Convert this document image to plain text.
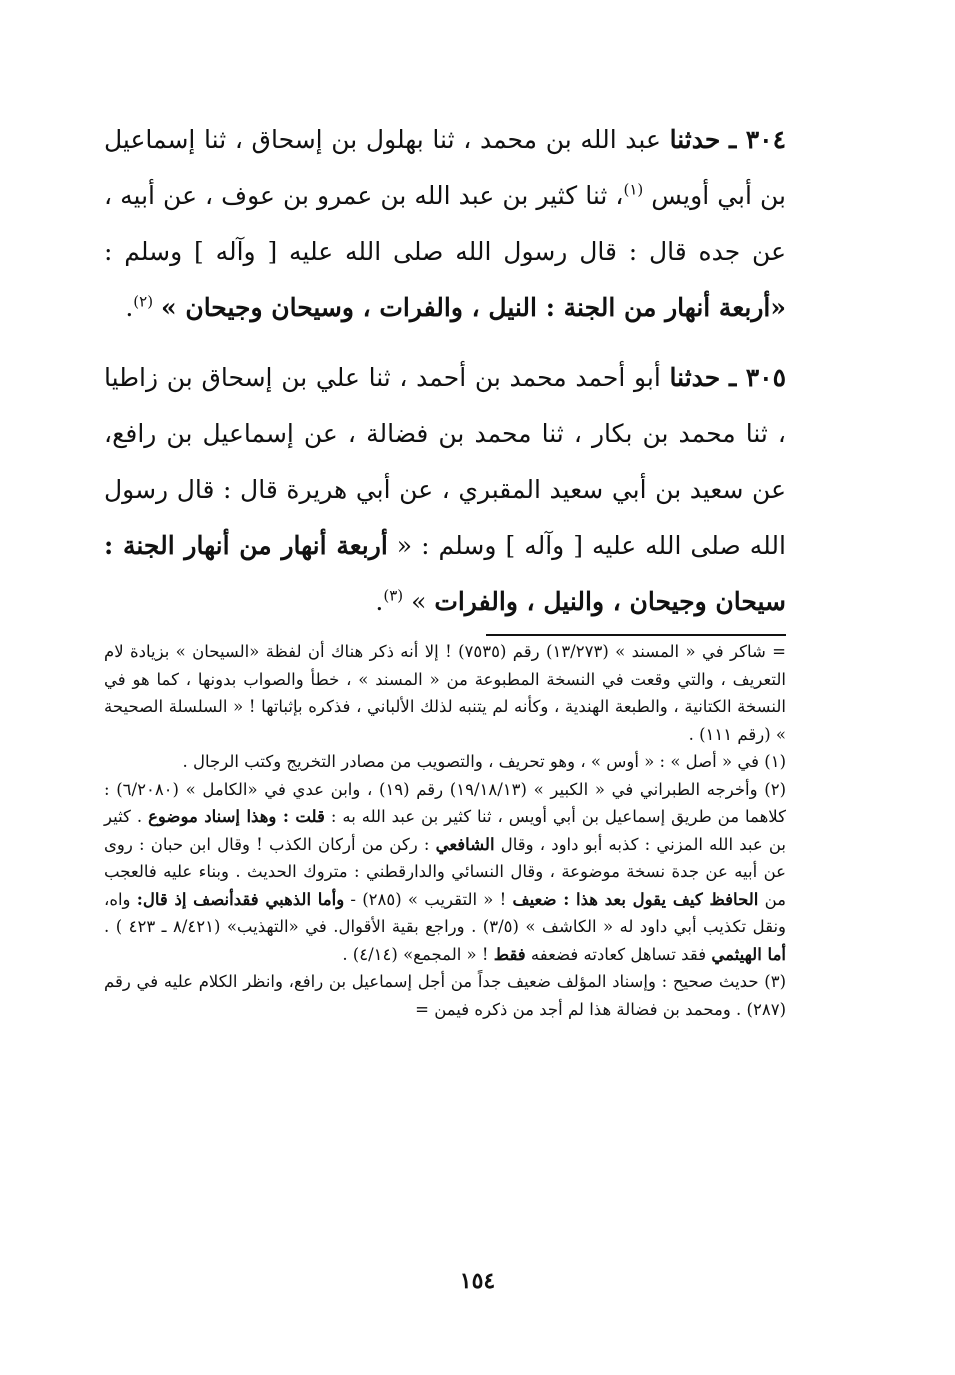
٣٠٤ ـ حدثنا عبد الله بن محمد ، ثنا بهلول بن إسحاق ، ثنا إسماعيل بن أبي أويس $^{(١)}$، ثنا كثير بن عبد الله بن عمرو بن عوف ، عن أبيه ، عن جده قال : قال رسول الله صلى الله عليه [ وآله ] وسلم : «أربعة أنهار من الجنة : النيل ، والفرات ، وسيحان وجيحان » $^{(٢)}$.

٣٠٥ ـ حدثنا أبو أحمد محمد بن أحمد ، ثنا علي بن إسحاق بن زاطيا ، ثنا محمد بن بكار ، ثنا محمد بن فضالة ، عن إسماعيل بن رافع، عن سعيد بن أبي سعيد المقبري ، عن أبي هريرة قال : قال رسول الله صلى الله عليه [ وآله ] وسلم : « أربعة أنهار من أنهار الجنة : سيحان وجيحان ، والنيل ، والفرات » $^{(٣)}$.

= شاكر في « المسند » (١٣/٢٧٣) رقم (٧٥٣٥) ! إلا أنه ذكر هناك أن لفظة «السيحان » بزيادة لام التعريف ، والتي وقعت في النسخة المطبوعة من « المسند » ، خطأ والصواب بدونها ، كما هو في النسخة الكتانية ، والطبعة الهندية ، وكأنه لم يتنبه لذلك الألباني ، فذكره بإثباتها ! « السلسلة الصحيحة » (رقم ١١١) .

(١) في « أصل » : « أوس » ، وهو تحريف ، والتصويب من مصادر التخريج وكتب الرجال .

(٢) وأخرجه الطبراني في « الكبير » (١٩/١٨/١٣) رقم (١٩) ، وابن عدي في «الكامل » (٦/٢٠٨٠) : كلاهما من طريق إسماعيل بن أبي أويس ، ثنا كثير بن عبد الله به : قلت : وهذا إسناد موضوع . كثير بن عبد الله المزني : كذبه أبو داود ، وقال الشافعي : ركن من أركان الكذب ! وقال ابن حبان : روى عن أبيه عن جدة نسخة موضوعة ، وقال النسائي والدارقطني : متروك الحديث . وبناء عليه فالعجب من الحافظ كيف يقول بعد هذا : ضعيف ! « التقريب » (٢٨٥) - وأما الذهبي فقدأنصف إذ قال: واه، ونقل تكذيب أبي داود له « الكاشف » (٣/٥) . وراجع بقية الأقوال. في «التهذيب» (٨/٤٢١ ـ ٤٢٣ ) . أما الهيثمي فقد تساهل كعادته فضعفه فقط ! « المجمع» (٤/١٤) .

(٣) حديث صحيح : وإسناد المؤلف ضعيف جداً من أجل إسماعيل بن رافع، وانظر الكلام عليه في رقم (٢٨٧) . ومحمد بن فضالة هذا لم أجد من ذكره فيمن =

١٥٤
